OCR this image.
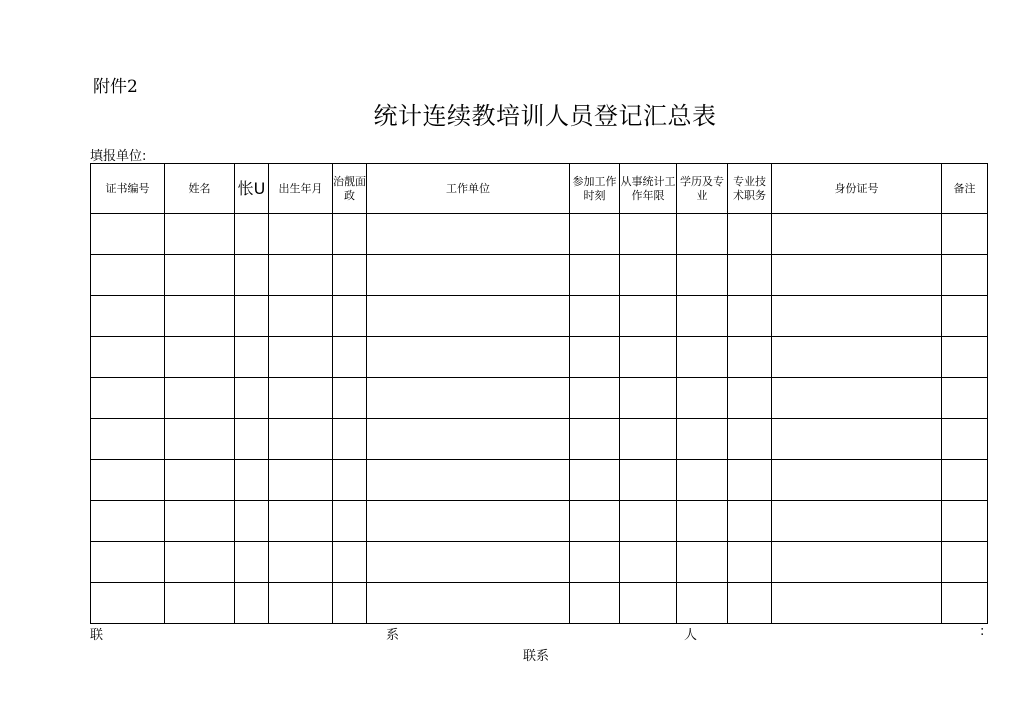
附件2
统计连续教培训人员登记汇总表
填报单位:
证书编号	姓名	怅U	出生年月	治靓面政	工作单位	参加工作时刻	从事统计工作年限	学历及专业	专业技术职务	身份证号	备注

联	系	人	:
联系
